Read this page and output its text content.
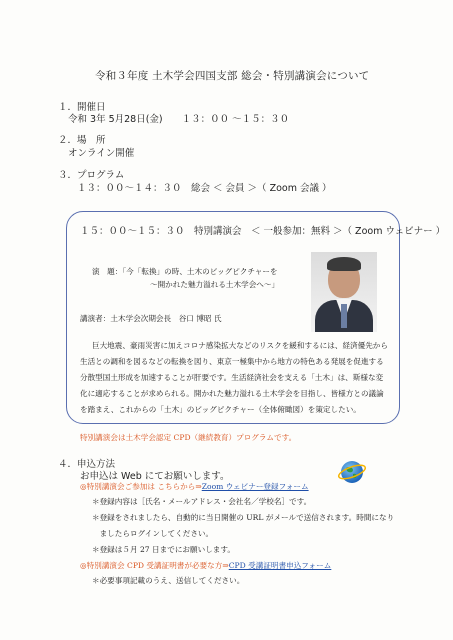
令和３年度 土木学会四国支部 総会・特別講演会について
１．開催日
令和 3年 5月28日(金)　　１３：００ 〜１５：３０
２．場　所
オンライン開催
３．プログラム
１３：００〜１４：３０　総会 ＜ 会員 ＞（ Zoom 会議 ）
１５：００〜１５：３０　特別講演会　＜ 一般参加：無料 ＞（ Zoom ウェビナー ）
演　題：「今「転換」の時、土木のビッグピクチャーを
〜開かれた魅力溢れる土木学会へ〜」
講演者：土木学会次期会長　谷口 博昭 氏
巨大地震、豪雨災害に加えコロナ感染拡大などのリスクを緩和するには、経済優先から
生活との調和を図るなどの転換を図り、東京一極集中から地方の特色ある発展を促進する
分散型国土形成を加速することが肝要です。生活経済社会を支える「土木」は、斯様な変
化に適応することが求められる。開かれた魅力溢れる土木学会を目指し、皆様方との議論
を踏まえ、これからの「土木」のビッグピクチャー（全体俯瞰図）を策定したい。
特別講演会は土木学会認定 CPD（継続教育）プログラムです。
４．申込方法
お申込は Web にてお願いします。
◎特別講演会ご参加は こちらから⇒Zoom ウェビナー登録フォーム
＊登録内容は［氏名・メールアドレス・会社名／学校名］です。
＊登録をされましたら、自動的に当日開催の URL がメールで送信されます。時間になり
　ましたらログインしてください。
＊登録は５月 27 日までにお願いします。
◎特別講演会 CPD 受講証明書が必要な方⇒CPD 受講証明書申込フォーム
＊必要事項記載のうえ、送信してください。
